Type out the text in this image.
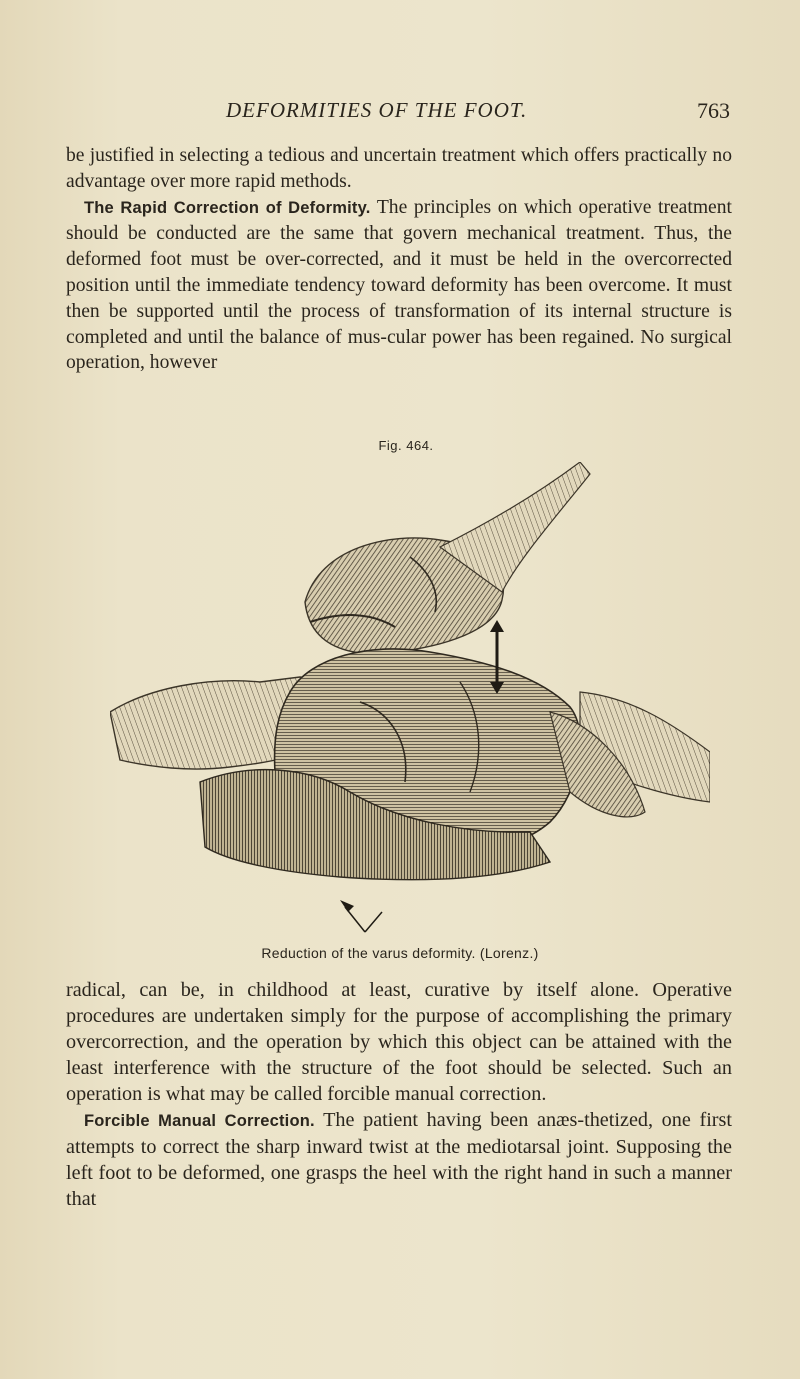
DEFORMITIES OF THE FOOT.	763

be justified in selecting a tedious and uncertain treatment which offers practically no advantage over more rapid methods.

The Rapid Correction of Deformity. The principles on which operative treatment should be conducted are the same that govern mechanical treatment. Thus, the deformed foot must be over-corrected, and it must be held in the overcorrected position until the immediate tendency toward deformity has been overcome. It must then be supported until the process of transformation of its internal structure is completed and until the balance of mus-cular power has been regained. No surgical operation, however

Fig. 464.
Reduction of the varus deformity. (Lorenz.)

radical, can be, in childhood at least, curative by itself alone. Operative procedures are undertaken simply for the purpose of accomplishing the primary overcorrection, and the operation by which this object can be attained with the least interference with the structure of the foot should be selected. Such an operation is what may be called forcible manual correction.

Forcible Manual Correction. The patient having been anæs-thetized, one first attempts to correct the sharp inward twist at the mediotarsal joint. Supposing the left foot to be deformed, one grasps the heel with the right hand in such a manner that
